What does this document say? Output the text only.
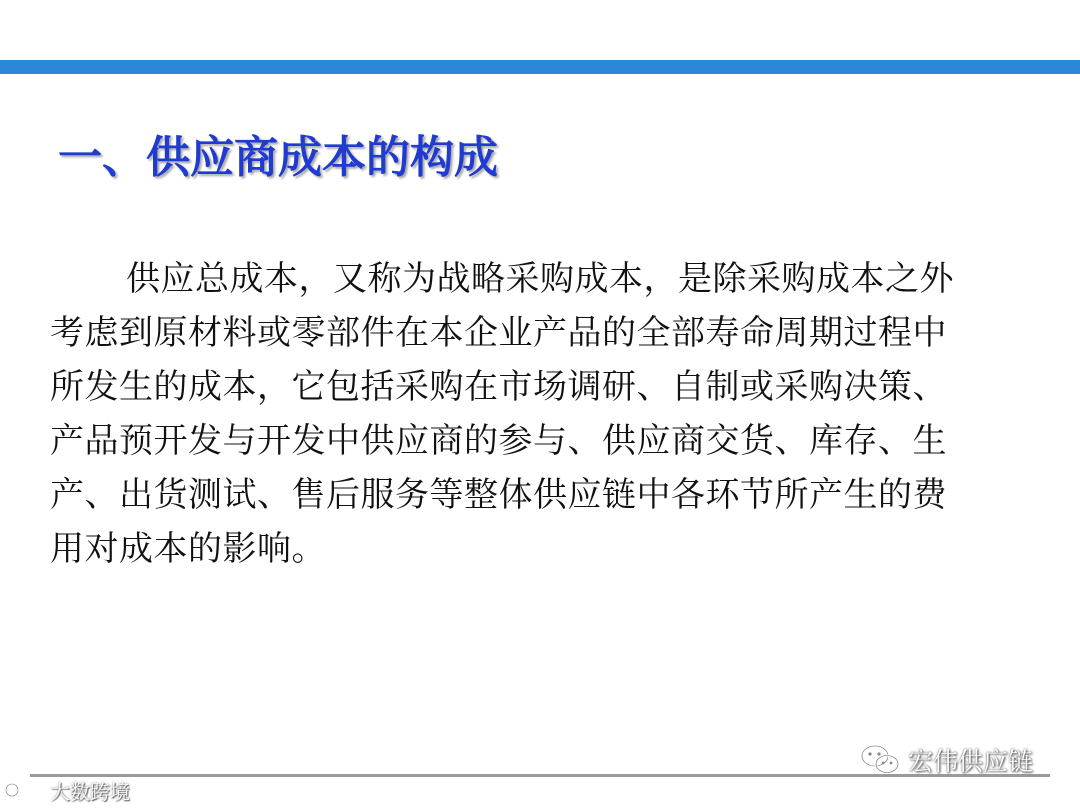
一、供应商成本的构成
供应总成本，又称为战略采购成本，是除采购成本之外考虑到原材料或零部件在本企业产品的全部寿命周期过程中所发生的成本，它包括采购在市场调研、自制或采购决策、产品预开发与开发中供应商的参与、供应商交货、库存、生产、出货测试、售后服务等整体供应链中各环节所产生的费用对成本的影响。
大数跨境
宏伟供应链
